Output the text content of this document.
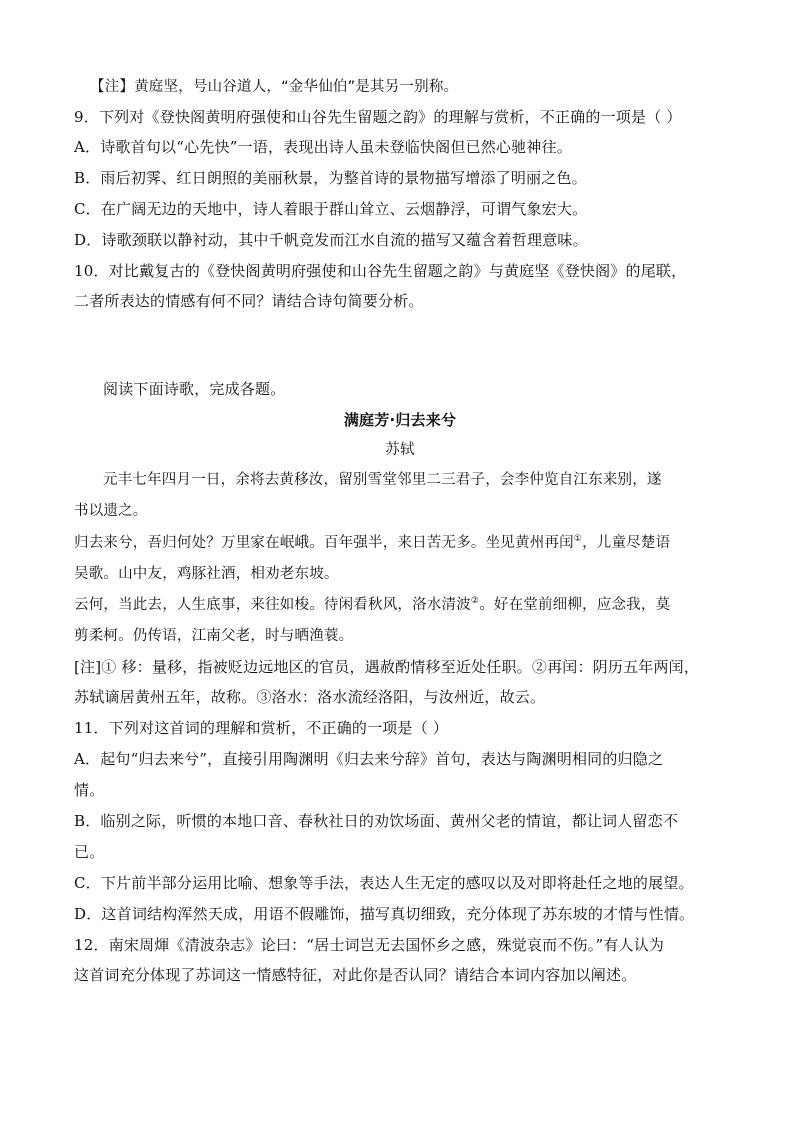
【注】黄庭坚，号山谷道人，“金华仙伯”是其另一别称。
9．下列对《登快阁黄明府强使和山谷先生留题之韵》的理解与赏析，不正确的一项是（ ）
A．诗歌首句以“心先快”一语，表现出诗人虽未登临快阁但已然心驰神往。
B．雨后初霁、红日朗照的美丽秋景，为整首诗的景物描写增添了明丽之色。
C．在广阔无边的天地中，诗人着眼于群山耸立、云烟静浮，可谓气象宏大。
D．诗歌颈联以静衬动，其中千帆竞发而江水自流的描写又蕴含着哲理意味。
10．对比戴复古的《登快阁黄明府强使和山谷先生留题之韵》与黄庭坚《登快阁》的尾联，
二者所表达的情感有何不同？请结合诗句简要分析。
阅读下面诗歌，完成各题。
满庭芳·归去来兮
苏轼
元丰七年四月一日，余将去黄移汝，留别雪堂邻里二三君子，会李仲览自江东来别，遂
书以遗之。
归去来兮，吾归何处？万里家在岷峨。百年强半，来日苦无多。坐见黄州再闰①，儿童尽楚语
吴歌。山中友，鸡豚社酒，相劝老东坡。
云何，当此去，人生底事，来往如梭。待闲看秋风，洛水清波②。好在堂前细柳，应念我，莫
剪柔柯。仍传语，江南父老，时与晒渔蓑。
[注]① 移：量移，指被贬边远地区的官员，遇赦酌情移至近处任职。②再闰：阴历五年两闰，
苏轼谪居黄州五年，故称。③洛水：洛水流经洛阳，与汝州近，故云。
11．下列对这首词的理解和赏析，不正确的一项是（ ）
A．起句“归去来兮”，直接引用陶渊明《归去来兮辞》首句，表达与陶渊明相同的归隐之
情。
B．临别之际，听惯的本地口音、春秋社日的劝饮场面、黄州父老的情谊，都让词人留恋不
已。
C．下片前半部分运用比喻、想象等手法，表达人生无定的感叹以及对即将赴任之地的展望。
D．这首词结构浑然天成，用语不假雕饰，描写真切细致，充分体现了苏东坡的才情与性情。
12．南宋周煇《清波杂志》论曰：“居士词岂无去国怀乡之感，殊觉哀而不伤。”有人认为
这首词充分体现了苏词这一情感特征，对此你是否认同？请结合本词内容加以阐述。
